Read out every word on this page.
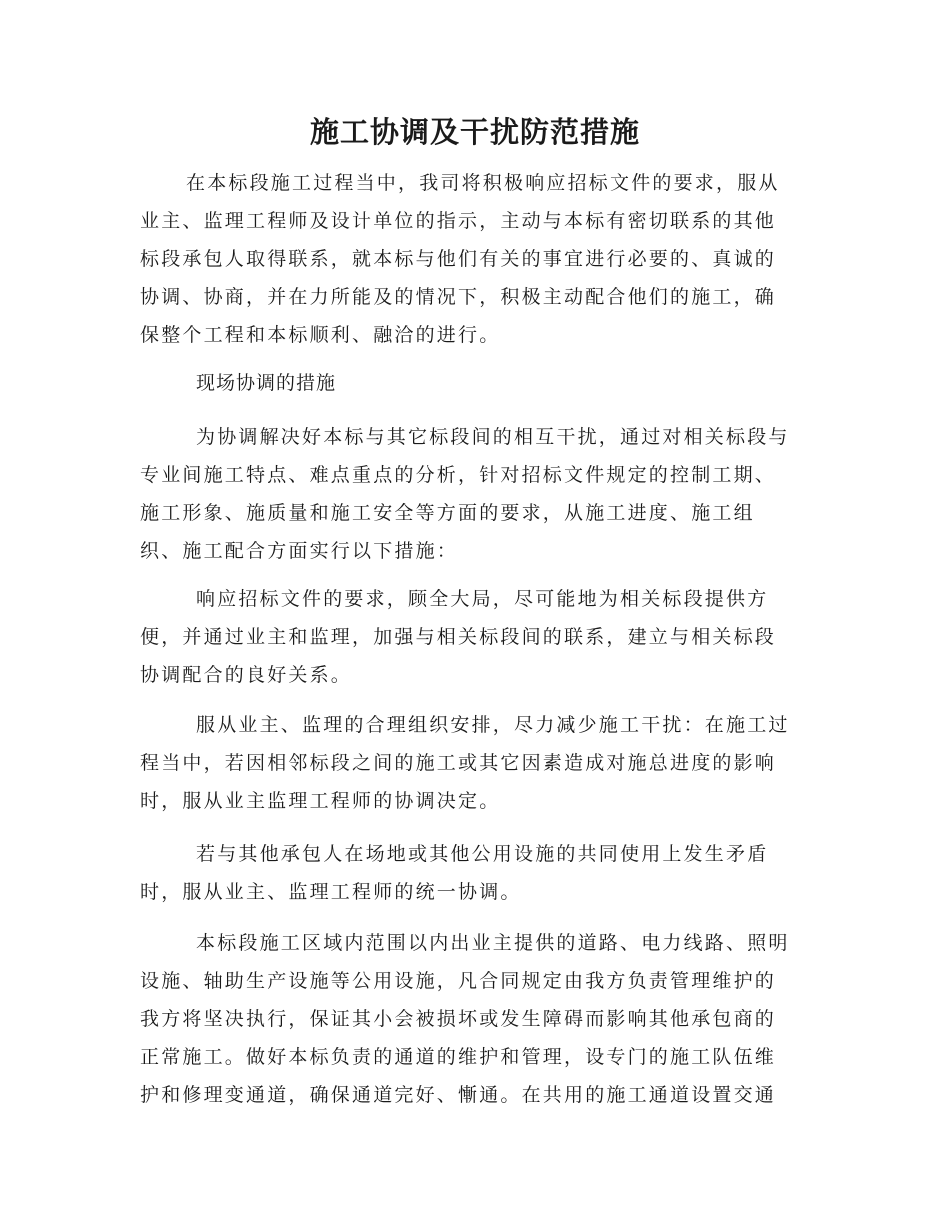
施工协调及干扰防范措施
在本标段施工过程当中，我司将积极响应招标文件的要求，服从
业主、监理工程师及设计单位的指示，主动与本标有密切联系的其他
标段承包人取得联系，就本标与他们有关的事宜进行必要的、真诚的
协调、协商，并在力所能及的情况下，积极主动配合他们的施工，确
保整个工程和本标顺利、融洽的进行。
现场协调的措施
为协调解决好本标与其它标段间的相互干扰，通过对相关标段与
专业间施工特点、难点重点的分析，针对招标文件规定的控制工期、
施工形象、施质量和施工安全等方面的要求，从施工进度、施工组
织、施工配合方面实行以下措施：
响应招标文件的要求，顾全大局，尽可能地为相关标段提供方
便，并通过业主和监理，加强与相关标段间的联系，建立与相关标段
协调配合的良好关系。
服从业主、监理的合理组织安排，尽力减少施工干扰：在施工过
程当中，若因相邻标段之间的施工或其它因素造成对施总进度的影响
时，服从业主监理工程师的协调决定。
若与其他承包人在场地或其他公用设施的共同使用上发生矛盾
时，服从业主、监理工程师的统一协调。
本标段施工区域内范围以内出业主提供的道路、电力线路、照明
设施、轴助生产设施等公用设施，凡合同规定由我方负责管理维护的
我方将坚决执行，保证其小会被损坏或发生障碍而影响其他承包商的
正常施工。做好本标负责的通道的维护和管理，设专门的施工队伍维
护和修理变通道，确保通道完好、慚通。在共用的施工通道设置交通
